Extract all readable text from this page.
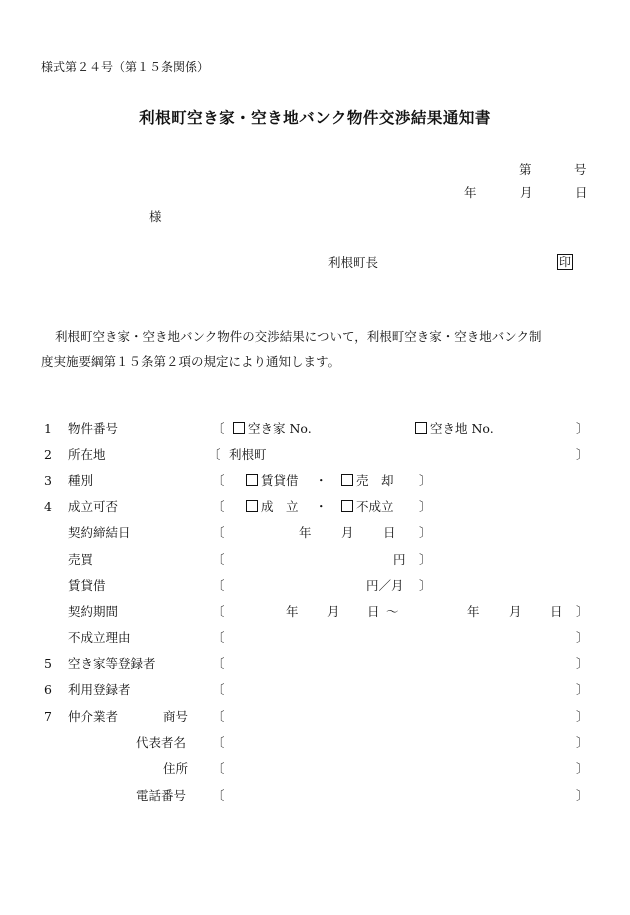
様式第２４号（第１５条関係）
利根町空き家・空き地バンク物件交渉結果通知書
第	号
年	月	日
様
利根町長	印
利根町空き家・空き地バンク物件の交渉結果について，利根町空き家・空き地バンク制
度実施要綱第１５条第２項の規定により通知します。
1 物件番号	〔	空き家 No.	空き地 No.	〕
2 所在地	〔 利根町	〕
3 種別	〔	賃貸借 ・	売　却 〕
4 成立可否	〔	成　立 ・	不成立 〕
契約締結日	〔	年 月 日 〕
売買	〔	円 〕
賃貸借	〔	円／月 〕
契約期間	〔	年 月 日 ～	年 月 日 〕
不成立理由	〔	〕
5 空き家等登録者	〔	〕
6 利用登録者	〔	〕
7 仲介業者	商号 〔	〕
代表者名 〔	〕
住所 〔	〕
電話番号 〔	〕
